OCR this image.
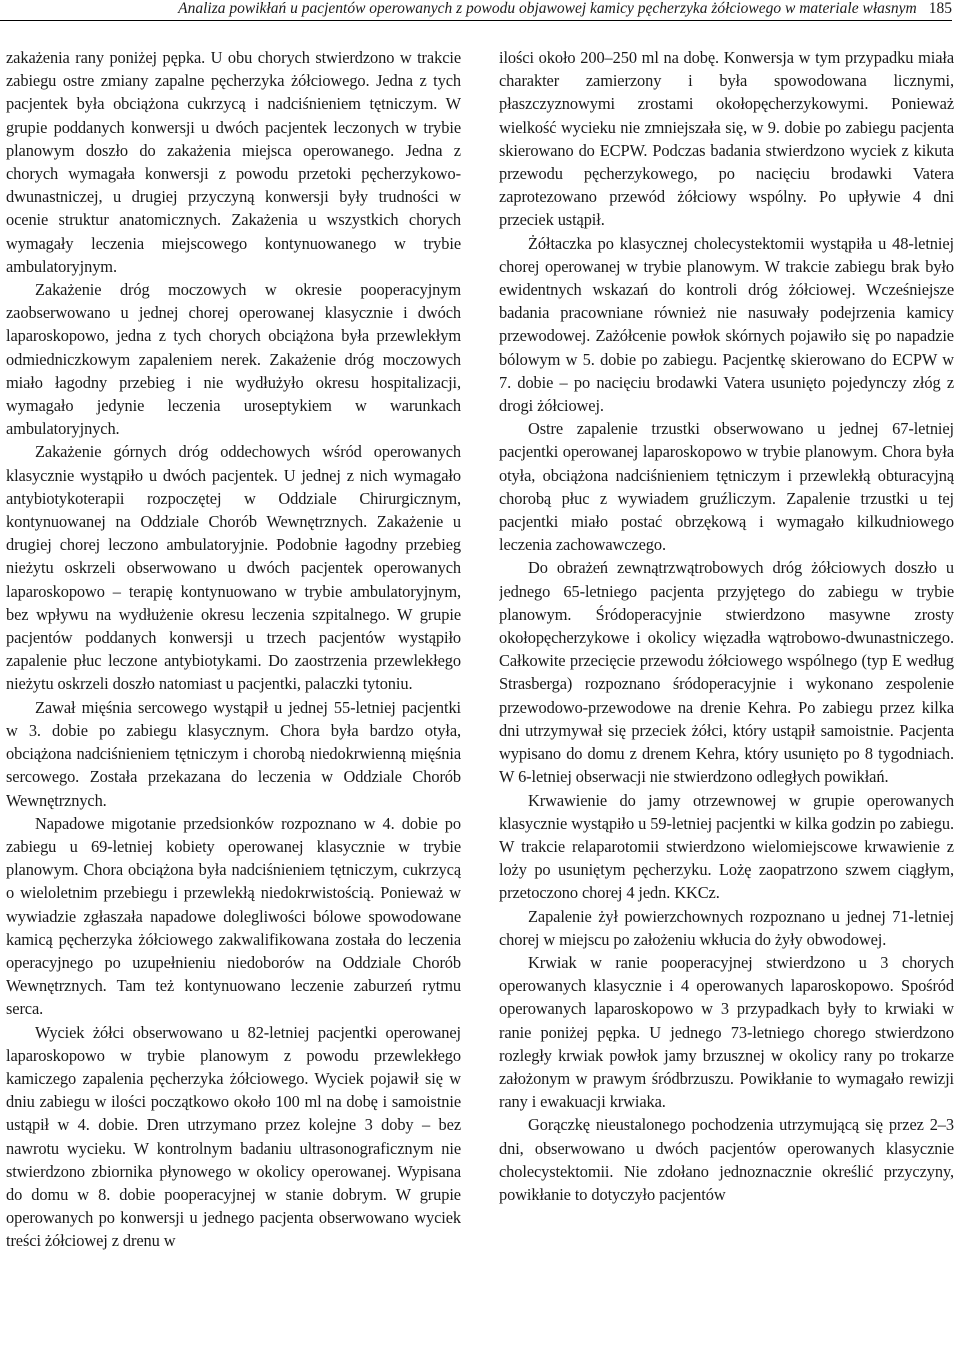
Analiza powikłań u pacjentów operowanych z powodu objawowej kamicy pęcherzyka żółciowego w materiale własnym 185

zakażenia rany poniżej pępka. U obu chorych stwierdzono w trakcie zabiegu ostre zmiany zapalne pęcherzyka żółciowego. Jedna z tych pacjentek była obciążona cukrzycą i nadciśnieniem tętniczym. W grupie poddanych konwersji u dwóch pacjentek leczonych w trybie planowym doszło do zakażenia miejsca operowanego. Jedna z chorych wymagała konwersji z powodu przetoki pęcherzykowo-dwunastniczej, u drugiej przyczyną konwersji były trudności w ocenie struktur anatomicznych. Zakażenia u wszystkich chorych wymagały leczenia miejscowego kontynuowanego w trybie ambulatoryjnym.

Zakażenie dróg moczowych w okresie pooperacyjnym zaobserwowano u jednej chorej operowanej klasycznie i dwóch laparoskopowo, jedna z tych chorych obciążona była przewlekłym odmiedniczkowym zapaleniem nerek. Zakażenie dróg moczowych miało łagodny przebieg i nie wydłużyło okresu hospitalizacji, wymagało jedynie leczenia uroseptykiem w warunkach ambulatoryjnych.

Zakażenie górnych dróg oddechowych wśród operowanych klasycznie wystąpiło u dwóch pacjentek. U jednej z nich wymagało antybiotykoterapii rozpoczętej w Oddziale Chirurgicznym, kontynuowanej na Oddziale Chorób Wewnętrznych. Zakażenie u drugiej chorej leczono ambulatoryjnie. Podobnie łagodny przebieg nieżytu oskrzeli obserwowano u dwóch pacjentek operowanych laparoskopowo – terapię kontynuowano w trybie ambulatoryjnym, bez wpływu na wydłużenie okresu leczenia szpitalnego. W grupie pacjentów poddanych konwersji u trzech pacjentów wystąpiło zapalenie płuc leczone antybiotykami. Do zaostrzenia przewlekłego nieżytu oskrzeli doszło natomiast u pacjentki, palaczki tytoniu.

Zawał mięśnia sercowego wystąpił u jednej 55-letniej pacjentki w 3. dobie po zabiegu klasycznym. Chora była bardzo otyła, obciążona nadciśnieniem tętniczym i chorobą niedokrwienną mięśnia sercowego. Została przekazana do leczenia w Oddziale Chorób Wewnętrznych.

Napadowe migotanie przedsionków rozpoznano w 4. dobie po zabiegu u 69-letniej kobiety operowanej klasycznie w trybie planowym. Chora obciążona była nadciśnieniem tętniczym, cukrzycą o wieloletnim przebiegu i przewlekłą niedokrwistością. Ponieważ w wywiadzie zgłaszała napadowe dolegliwości bólowe spowodowane kamicą pęcherzyka żółciowego zakwalifikowana została do leczenia operacyjnego po uzupełnieniu niedoborów na Oddziale Chorób Wewnętrznych. Tam też kontynuowano leczenie zaburzeń rytmu serca.

Wyciek żółci obserwowano u 82-letniej pacjentki operowanej laparoskopowo w trybie planowym z powodu przewlekłego kamiczego zapalenia pęcherzyka żółciowego. Wyciek pojawił się w dniu zabiegu w ilości początkowo około 100 ml na dobę i samoistnie ustąpił w 4. dobie. Dren utrzymano przez kolejne 3 doby – bez nawrotu wycieku. W kontrolnym badaniu ultrasonograficznym nie stwierdzono zbiornika płynowego w okolicy operowanej. Wypisana do domu w 8. dobie pooperacyjnej w stanie dobrym. W grupie operowanych po konwersji u jednego pacjenta obserwowano wyciek treści żółciowej z drenu w

ilości około 200–250 ml na dobę. Konwersja w tym przypadku miała charakter zamierzony i była spowodowana licznymi, płaszczyznowymi zrostami okołopęcherzykowymi. Ponieważ wielkość wycieku nie zmniejszała się, w 9. dobie po zabiegu pacjenta skierowano do ECPW. Podczas badania stwierdzono wyciek z kikuta przewodu pęcherzykowego, po nacięciu brodawki Vatera zaprotezowano przewód żółciowy wspólny. Po upływie 4 dni przeciek ustąpił.

Żółtaczka po klasycznej cholecystektomii wystąpiła u 48-letniej chorej operowanej w trybie planowym. W trakcie zabiegu brak było ewidentnych wskazań do kontroli dróg żółciowej. Wcześniejsze badania pracowniane również nie nasuwały podejrzenia kamicy przewodowej. Zażółcenie powłok skórnych pojawiło się po napadzie bólowym w 5. dobie po zabiegu. Pacjentkę skierowano do ECPW w 7. dobie – po nacięciu brodawki Vatera usunięto pojedynczy złóg z drogi żółciowej.

Ostre zapalenie trzustki obserwowano u jednej 67-letniej pacjentki operowanej laparoskopowo w trybie planowym. Chora była otyła, obciążona nadciśnieniem tętniczym i przewlekłą obturacyjną chorobą płuc z wywiadem gruźliczym. Zapalenie trzustki u tej pacjentki miało postać obrzękową i wymagało kilkudniowego leczenia zachowawczego.

Do obrażeń zewnątrzwątrobowych dróg żółciowych doszło u jednego 65-letniego pacjenta przyjętego do zabiegu w trybie planowym. Śródoperacyjnie stwierdzono masywne zrosty okołopęcherzykowe i okolicy więzadła wątrobowo-dwunastniczego. Całkowite przecięcie przewodu żółciowego wspólnego (typ E według Strasberga) rozpoznano śródoperacyjnie i wykonano zespolenie przewodowo-przewodowe na drenie Kehra. Po zabiegu przez kilka dni utrzymywał się przeciek żółci, który ustąpił samoistnie. Pacjenta wypisano do domu z drenem Kehra, który usunięto po 8 tygodniach. W 6-letniej obserwacji nie stwierdzono odległych powikłań.

Krwawienie do jamy otrzewnowej w grupie operowanych klasycznie wystąpiło u 59-letniej pacjentki w kilka godzin po zabiegu. W trakcie relaparotomii stwierdzono wielomiejscowe krwawienie z loży po usuniętym pęcherzyku. Lożę zaopatrzono szwem ciągłym, przetoczono chorej 4 jedn. KKCz.

Zapalenie żył powierzchownych rozpoznano u jednej 71-letniej chorej w miejscu po założeniu wkłucia do żyły obwodowej.

Krwiak w ranie pooperacyjnej stwierdzono u 3 chorych operowanych klasycznie i 4 operowanych laparoskopowo. Spośród operowanych laparoskopowo w 3 przypadkach były to krwiaki w ranie poniżej pępka. U jednego 73-letniego chorego stwierdzono rozległy krwiak powłok jamy brzusznej w okolicy rany po trokarze założonym w prawym śródbrzuszu. Powikłanie to wymagało rewizji rany i ewakuacji krwiaka.

Gorączkę nieustalonego pochodzenia utrzymującą się przez 2–3 dni, obserwowano u dwóch pacjentów operowanych klasycznie cholecystektomii. Nie zdołano jednoznacznie określić przyczyny, powikłanie to dotyczyło pacjentów
